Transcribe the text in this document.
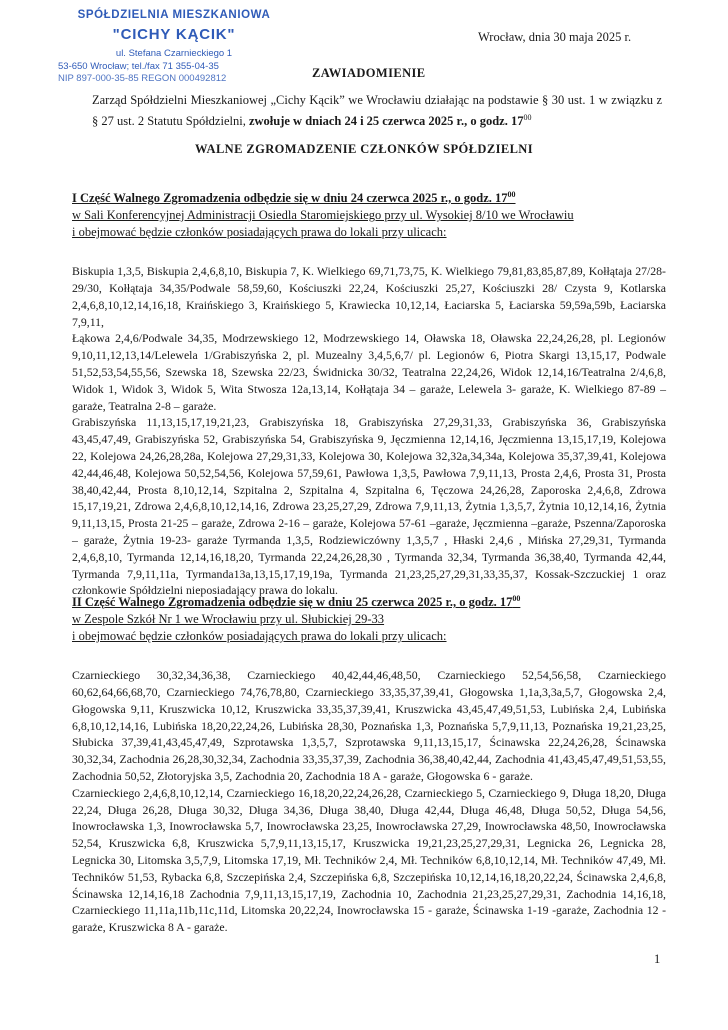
SPÓŁDZIELNIA MIESZKANIOWA
"CICHY KĄCIK"
ul. Stefana Czarnieckiego 1
53-650 Wrocław; tel./fax 71 355-04-35
NIP 897-000-35-85 REGON 000492812
Wrocław, dnia 30 maja 2025 r.
ZAWIADOMIENIE
Zarząd Spółdzielni Mieszkaniowej „Cichy Kącik” we Wrocławiu działając na podstawie § 30 ust. 1 w związku z § 27 ust. 2 Statutu Spółdzielni, zwołuje w dniach 24 i 25 czerwca 2025 r., o godz. $17^{00}$
WALNE ZGROMADZENIE CZŁONKÓW SPÓŁDZIELNI
I Część Walnego Zgromadzenia odbędzie się w dniu 24 czerwca 2025 r., o godz. $17^{00}$
w Sali Konferencyjnej Administracji Osiedla Staromiejskiego przy ul. Wysokiej 8/10 we Wrocławiu
i obejmować będzie członków posiadających prawa do lokali przy ulicach:

Biskupia 1,3,5, Biskupia 2,4,6,8,10, Biskupia 7, K. Wielkiego 69,71,73,75, K. Wielkiego 79,81,83,85,87,89, Kołłątaja 27/28-29/30, Kołłątaja 34,35/Podwale 58,59,60, Kościuszki 22,24, Kościuszki 25,27, Kościuszki 28/ Czysta 9, Kotlarska 2,4,6,8,10,12,14,16,18, Kraińskiego 3, Kraińskiego 5, Krawiecka 10,12,14, Łaciarska 5, Łaciarska 59,59a,59b, Łaciarska 7,9,11,

Łąkowa 2,4,6/Podwale 34,35, Modrzewskiego 12, Modrzewskiego 14, Oławska 18, Oławska 22,24,26,28, pl. Legionów 9,10,11,12,13,14/Lelewela 1/Grabiszyńska 2, pl. Muzealny 3,4,5,6,7/ pl. Legionów 6, Piotra Skargi 13,15,17, Podwale 51,52,53,54,55,56, Szewska 18, Szewska 22/23, Świdnicka 30/32, Teatralna 22,24,26, Widok 12,14,16/Teatralna 2/4,6,8, Widok 1, Widok 3, Widok 5, Wita Stwosza 12a,13,14, Kołłątaja 34 – garaże, Lelewela 3- garaże, K. Wielkiego 87-89 – garaże, Teatralna 2-8 – garaże.

Grabiszyńska 11,13,15,17,19,21,23, Grabiszyńska 18, Grabiszyńska 27,29,31,33, Grabiszyńska 36, Grabiszyńska 43,45,47,49, Grabiszyńska 52, Grabiszyńska 54, Grabiszyńska 9, Jęczmienna 12,14,16, Jęczmienna 13,15,17,19, Kolejowa 22, Kolejowa 24,26,28,28a, Kolejowa 27,29,31,33, Kolejowa 30, Kolejowa 32,32a,34,34a, Kolejowa 35,37,39,41, Kolejowa 42,44,46,48, Kolejowa 50,52,54,56, Kolejowa 57,59,61, Pawłowa 1,3,5, Pawłowa 7,9,11,13, Prosta 2,4,6, Prosta 31, Prosta 38,40,42,44, Prosta 8,10,12,14, Szpitalna 2, Szpitalna 4, Szpitalna 6, Tęczowa 24,26,28, Zaporoska 2,4,6,8, Zdrowa 15,17,19,21, Zdrowa 2,4,6,8,10,12,14,16, Zdrowa 23,25,27,29, Zdrowa 7,9,11,13, Żytnia 1,3,5,7, Żytnia 10,12,14,16, Żytnia 9,11,13,15, Prosta 21-25 – garaże, Zdrowa 2-16 – garaże, Kolejowa 57-61 –garaże, Jęczmienna –garaże, Pszenna/Zaporoska – garaże, Żytnia 19-23- garaże Tyrmanda 1,3,5, Rodziewiczówny 1,3,5,7 , Hłaski 2,4,6 , Mińska 27,29,31, Tyrmanda 2,4,6,8,10, Tyrmanda 12,14,16,18,20, Tyrmanda 22,24,26,28,30 , Tyrmanda 32,34, Tyrmanda 36,38,40, Tyrmanda 42,44, Tyrmanda 7,9,11,11a, Tyrmanda13a,13,15,17,19,19a, Tyrmanda 21,23,25,27,29,31,33,35,37, Kossak-Szczuckiej 1 oraz członkowie Spółdzielni nieposiadający prawa do lokalu.

II Część Walnego Zgromadzenia odbędzie się w dniu 25 czerwca 2025 r., o godz. $17^{00}$
w Zespole Szkół Nr 1 we Wrocławiu przy ul. Słubickiej 29-33
i obejmować będzie członków posiadających prawa do lokali przy ulicach:

Czarnieckiego 30,32,34,36,38, Czarnieckiego 40,42,44,46,48,50, Czarnieckiego 52,54,56,58, Czarnieckiego 60,62,64,66,68,70, Czarnieckiego 74,76,78,80, Czarnieckiego 33,35,37,39,41, Głogowska 1,1a,3,3a,5,7, Głogowska 2,4, Głogowska 9,11, Kruszwicka 10,12, Kruszwicka 33,35,37,39,41, Kruszwicka 43,45,47,49,51,53, Lubińska 2,4, Lubińska 6,8,10,12,14,16, Lubińska 18,20,22,24,26, Lubińska 28,30, Poznańska 1,3, Poznańska 5,7,9,11,13, Poznańska 19,21,23,25, Słubicka 37,39,41,43,45,47,49, Szprotawska 1,3,5,7, Szprotawska 9,11,13,15,17, Ścinawska 22,24,26,28, Ścinawska 30,32,34, Zachodnia 26,28,30,32,34, Zachodnia 33,35,37,39, Zachodnia 36,38,40,42,44, Zachodnia 41,43,45,47,49,51,53,55, Zachodnia 50,52, Złotoryjska 3,5, Zachodnia 20, Zachodnia 18 A - garaże, Głogowska 6 - garaże.

Czarnieckiego 2,4,6,8,10,12,14, Czarnieckiego 16,18,20,22,24,26,28, Czarnieckiego 5, Czarnieckiego 9, Długa 18,20, Długa 22,24, Długa 26,28, Długa 30,32, Długa 34,36, Długa 38,40, Długa 42,44, Długa 46,48, Długa 50,52, Długa 54,56, Inowrocławska 1,3, Inowrocławska 5,7, Inowrocławska 23,25, Inowrocławska 27,29, Inowrocławska 48,50, Inowrocławska 52,54, Kruszwicka 6,8, Kruszwicka 5,7,9,11,13,15,17, Kruszwicka 19,21,23,25,27,29,31, Legnicka 26, Legnicka 28, Legnicka 30, Litomska 3,5,7,9, Litomska 17,19, Mł. Techników 2,4, Mł. Techników 6,8,10,12,14, Mł. Techników 47,49, Mł. Techników 51,53, Rybacka 6,8, Szczepińska 2,4, Szczepińska 6,8, Szczepińska 10,12,14,16,18,20,22,24, Ścinawska 2,4,6,8, Ścinawska 12,14,16,18 Zachodnia 7,9,11,13,15,17,19, Zachodnia 10, Zachodnia 21,23,25,27,29,31, Zachodnia 14,16,18, Czarnieckiego 11,11a,11b,11c,11d, Litomska 20,22,24, Inowrocławska 15 - garaże, Ścinawska 1-19 -garaże, Zachodnia 12 -garaże, Kruszwicka 8 A - garaże.

1
